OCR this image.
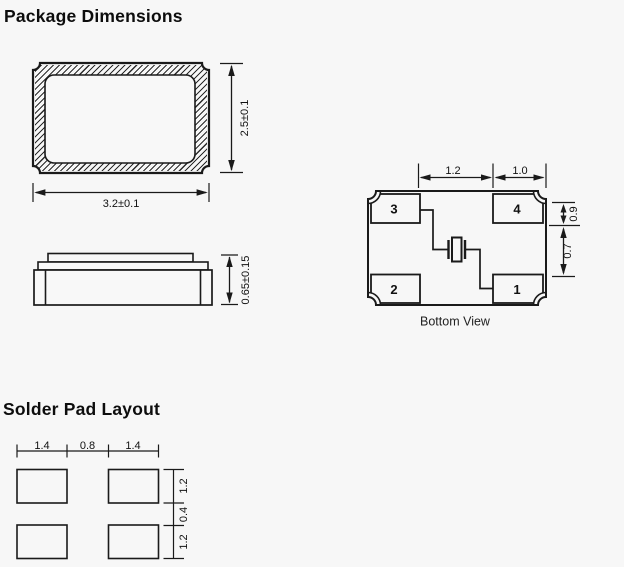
Package Dimensions
Solder Pad Layout
2.5±0.1
3.2±0.1
0.65±0.15
3	4
2	1
1.2	1.0
0.9
0.7
Bottom View
1.4	0.8	1.4
1.2
0.4
1.2
